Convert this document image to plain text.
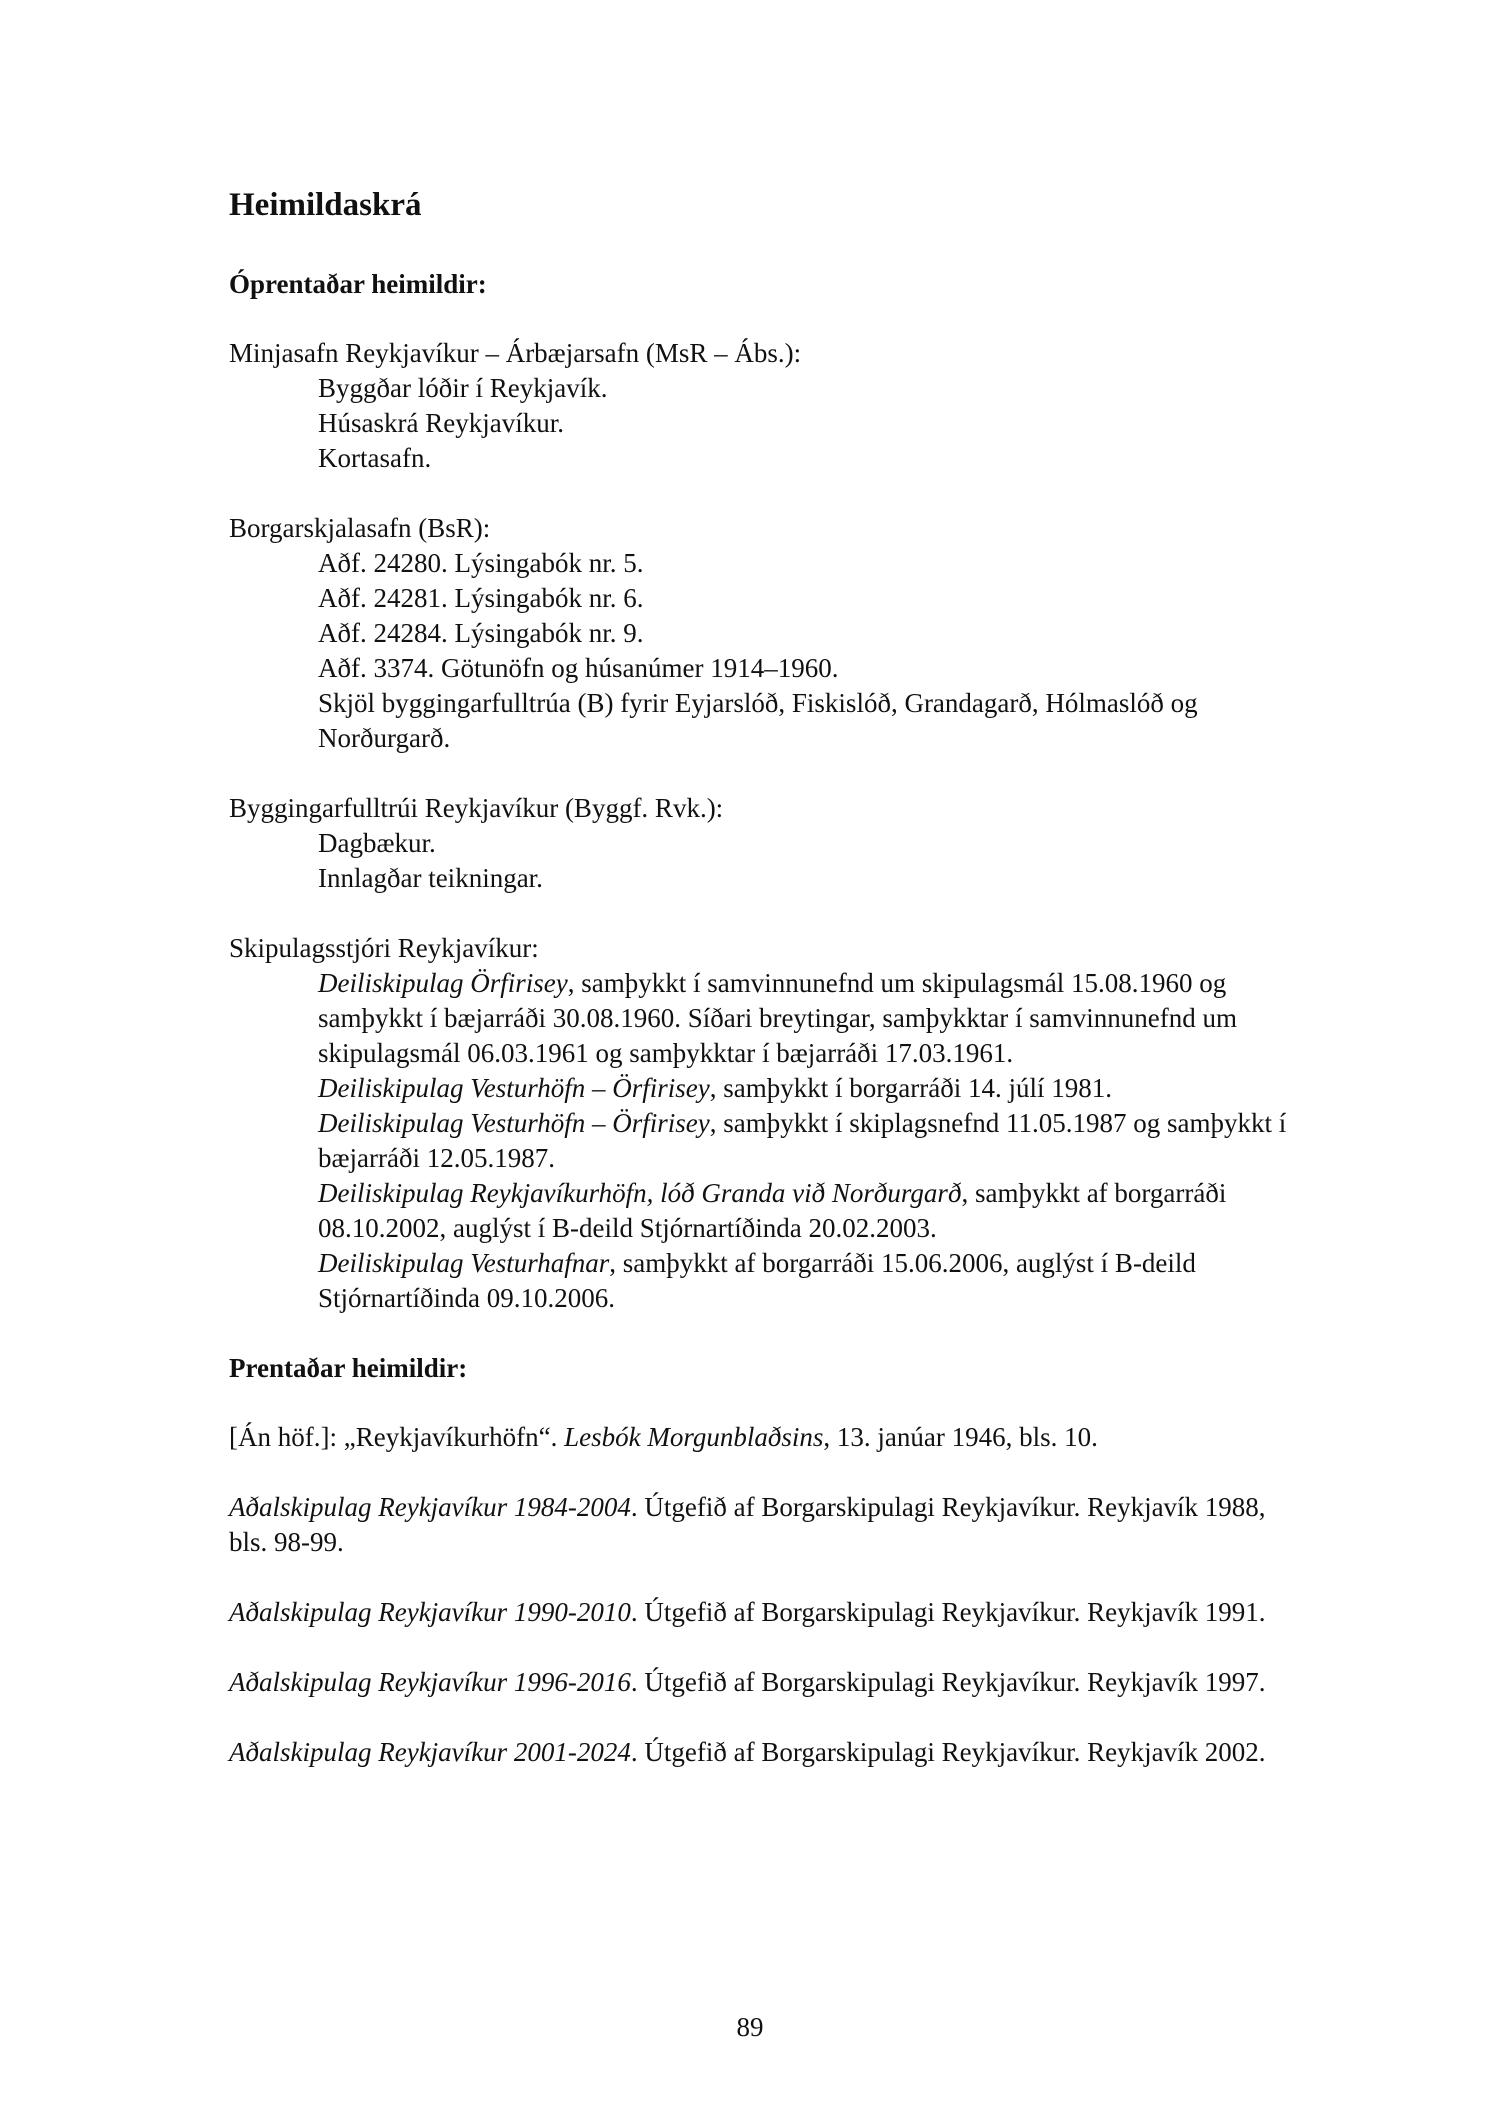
Heimildaskrá
Óprentaðar heimildir:

Minjasafn Reykjavíkur – Árbæjarsafn (MsR – Ábs.):

Byggðar lóðir í Reykjavík.
Húsaskrá Reykjavíkur.
Kortasafn.

Borgarskjalasafn (BsR):

Aðf. 24280. Lýsingabók nr. 5.
Aðf. 24281. Lýsingabók nr. 6.
Aðf. 24284. Lýsingabók nr. 9.
Aðf. 3374. Götunöfn og húsanúmer 1914–1960.
Skjöl byggingarfulltrúa (B) fyrir Eyjarslóð, Fiskislóð, Grandagarð, Hólmaslóð og Norðurgarð.

Byggingarfulltrúi Reykjavíkur (Byggf. Rvk.):

Dagbækur.
Innlagðar teikningar.

Skipulagsstjóri Reykjavíkur:

Deiliskipulag Örfirisey, samþykkt í samvinnunefnd um skipulagsmál 15.08.1960 og samþykkt í bæjarráði 30.08.1960. Síðari breytingar, samþykktar í samvinnunefnd um skipulagsmál 06.03.1961 og samþykktar í bæjarráði 17.03.1961.
Deiliskipulag Vesturhöfn – Örfirisey, samþykkt í borgarráði 14. júlí 1981.
Deiliskipulag Vesturhöfn – Örfirisey, samþykkt í skiplagsnefnd 11.05.1987 og samþykkt í bæjarráði 12.05.1987.
Deiliskipulag Reykjavíkurhöfn, lóð Granda við Norðurgarð, samþykkt af borgarráði 08.10.2002, auglýst í B-deild Stjórnartíðinda 20.02.2003.
Deiliskipulag Vesturhafnar, samþykkt af borgarráði 15.06.2006, auglýst í B-deild Stjórnartíðinda 09.10.2006.
Prentaðar heimildir:

[Án höf.]: „Reykjavíkurhöfn“. Lesbók Morgunblaðsins, 13. janúar 1946, bls. 10.

Aðalskipulag Reykjavíkur 1984-2004. Útgefið af Borgarskipulagi Reykjavíkur. Reykjavík 1988, bls. 98-99.

Aðalskipulag Reykjavíkur 1990-2010. Útgefið af Borgarskipulagi Reykjavíkur. Reykjavík 1991.

Aðalskipulag Reykjavíkur 1996-2016. Útgefið af Borgarskipulagi Reykjavíkur. Reykjavík 1997.

Aðalskipulag Reykjavíkur 2001-2024. Útgefið af Borgarskipulagi Reykjavíkur. Reykjavík 2002.

89
